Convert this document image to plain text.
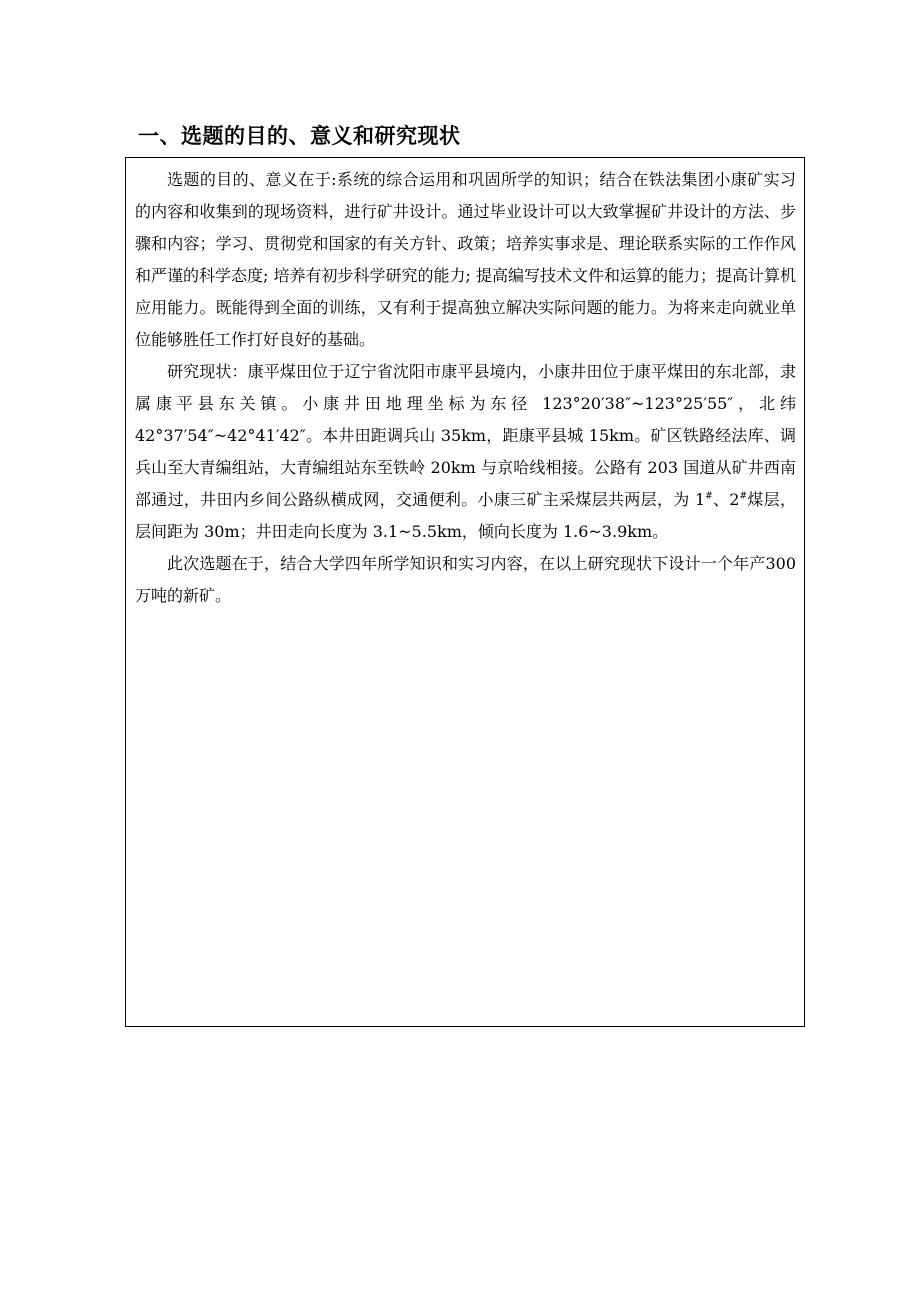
一、选题的目的、意义和研究现状

选题的目的、意义在于:系统的综合运用和巩固所学的知识；结合在铁法集团小康矿实习的内容和收集到的现场资料，进行矿井设计。通过毕业设计可以大致掌握矿井设计的方法、步骤和内容；学习、贯彻党和国家的有关方针、政策；培养实事求是、理论联系实际的工作作风和严谨的科学态度; 培养有初步科学研究的能力; 提高编写技术文件和运算的能力；提高计算机应用能力。既能得到全面的训练，又有利于提高独立解决实际问题的能力。为将来走向就业单位能够胜任工作打好良好的基础。

研究现状：康平煤田位于辽宁省沈阳市康平县境内，小康井田位于康平煤田的东北部，隶属康平县东关镇。小康井田地理坐标为东径 123°20′38″~123°25′55″，北纬 42°37′54″~42°41′42″。本井田距调兵山 35km，距康平县城 15km。矿区铁路经法库、调兵山至大青编组站，大青编组站东至铁岭 20km 与京哈线相接。公路有 203 国道从矿井西南部通过，井田内乡间公路纵横成网，交通便利。小康三矿主采煤层共两层，为 1#、2#煤层，层间距为 30m；井田走向长度为 3.1~5.5km，倾向长度为 1.6~3.9km。

此次选题在于，结合大学四年所学知识和实习内容，在以上研究现状下设计一个年产300万吨的新矿。
